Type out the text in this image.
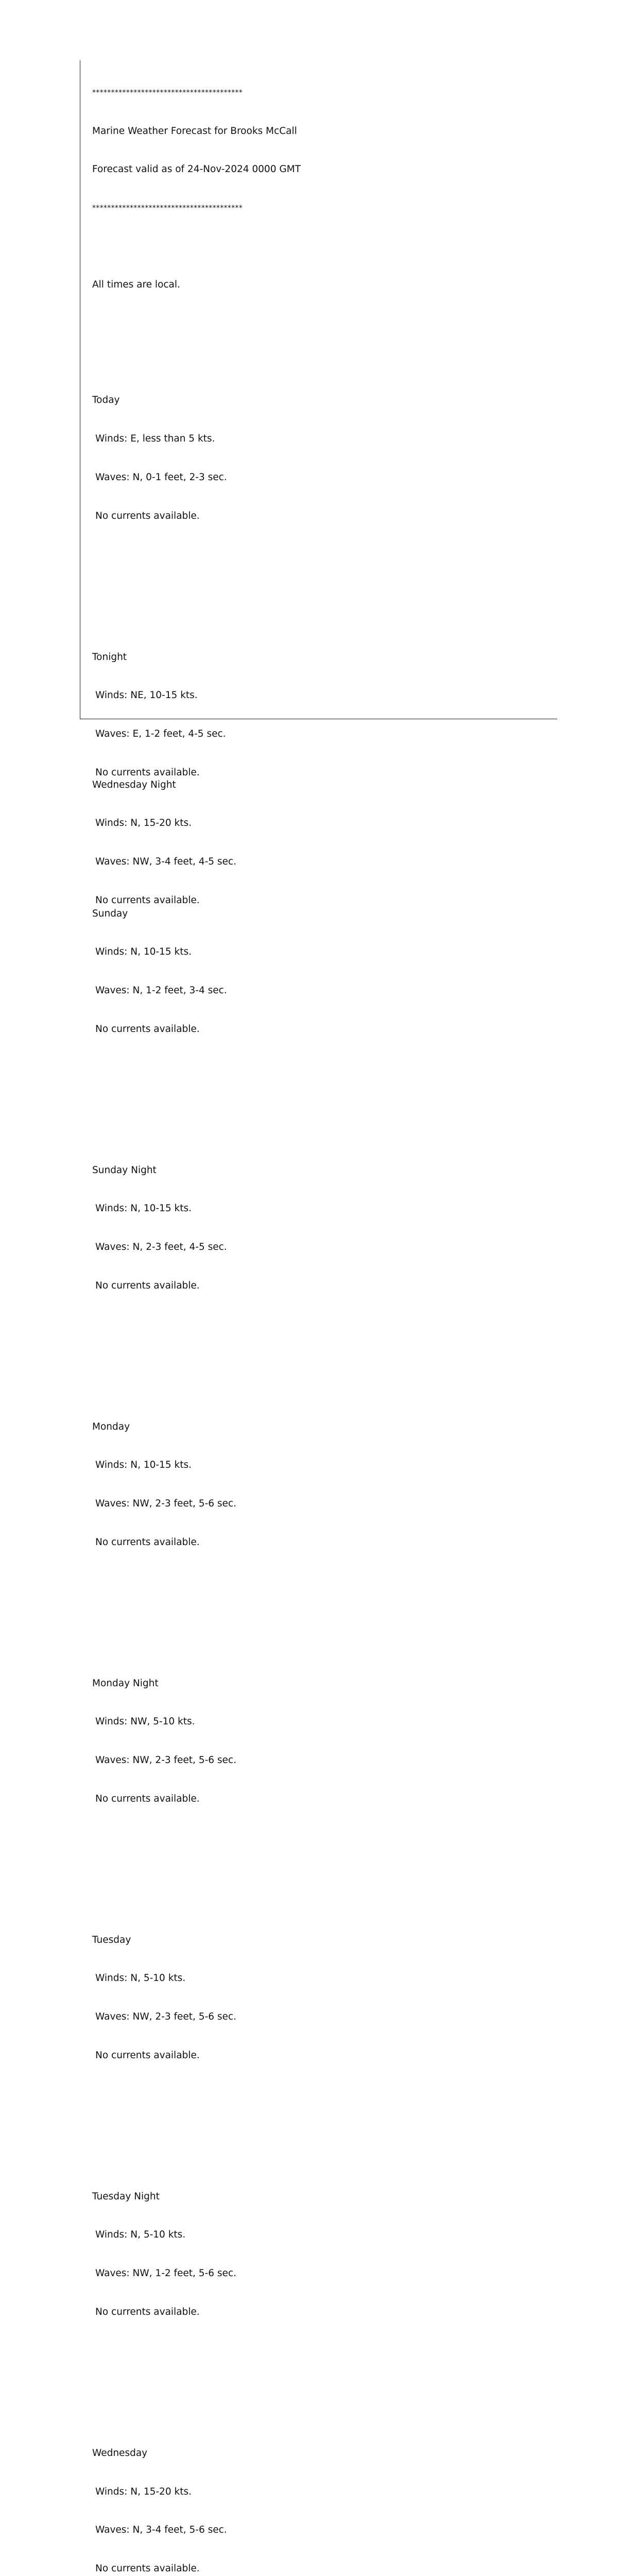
****************************************

Marine Weather Forecast for Brooks McCall

Forecast valid as of 24-Nov-2024 0000 GMT

****************************************

All times are local.

Today

Winds: E, less than 5 kts.

Waves: N, 0-1 feet, 2-3 sec.

No currents available.

Tonight

Winds: NE, 10-15 kts.

Waves: E, 1-2 feet, 4-5 sec.

No currents available.

Sunday

Winds: N, 10-15 kts.

Waves: N, 1-2 feet, 3-4 sec.

No currents available.

Sunday Night

Winds: N, 10-15 kts.

Waves: N, 2-3 feet, 4-5 sec.

No currents available.

Monday

Winds: N, 10-15 kts.

Waves: NW, 2-3 feet, 5-6 sec.

No currents available.

Monday Night

Winds: NW, 5-10 kts.

Waves: NW, 2-3 feet, 5-6 sec.

No currents available.

Tuesday

Winds: N, 5-10 kts.

Waves: NW, 2-3 feet, 5-6 sec.

No currents available.

Tuesday Night

Winds: N, 5-10 kts.

Waves: NW, 1-2 feet, 5-6 sec.

No currents available.

Wednesday

Winds: N, 15-20 kts.

Waves: N, 3-4 feet, 5-6 sec.

No currents available.

Wednesday Night

Winds: N, 15-20 kts.

Waves: NW, 3-4 feet, 4-5 sec.

No currents available.
